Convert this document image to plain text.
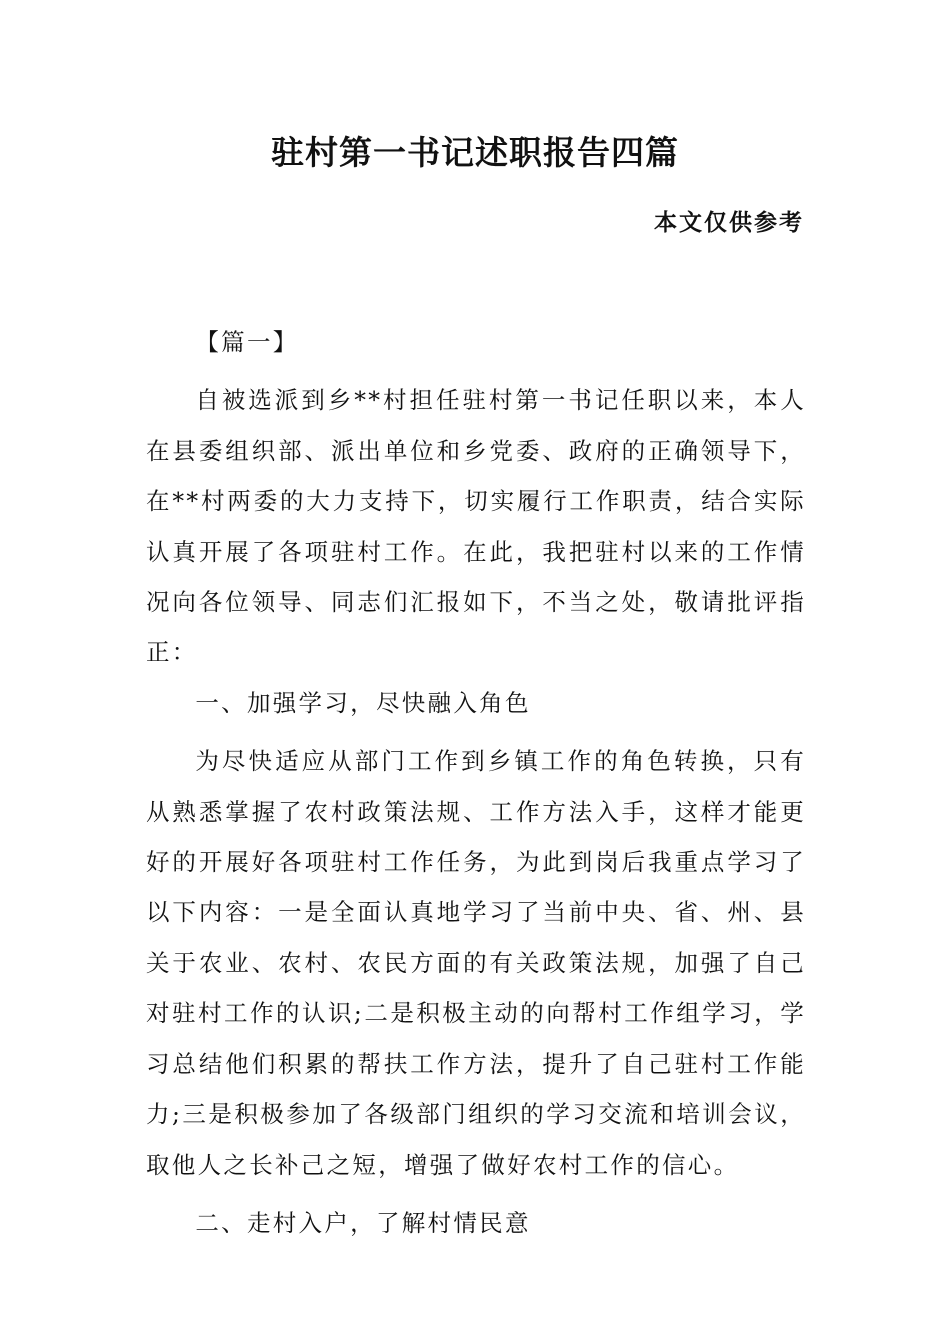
驻村第一书记述职报告四篇
本文仅供参考

【篇一】

自被选派到乡**村担任驻村第一书记任职以来，本人在县委组织部、派出单位和乡党委、政府的正确领导下，在**村两委的大力支持下，切实履行工作职责，结合实际认真开展了各项驻村工作。在此，我把驻村以来的工作情况向各位领导、同志们汇报如下，不当之处，敬请批评指正：

一、加强学习，尽快融入角色

为尽快适应从部门工作到乡镇工作的角色转换，只有从熟悉掌握了农村政策法规、工作方法入手，这样才能更好的开展好各项驻村工作任务，为此到岗后我重点学习了以下内容：一是全面认真地学习了当前中央、省、州、县关于农业、农村、农民方面的有关政策法规，加强了自己对驻村工作的认识;二是积极主动的向帮村工作组学习，学习总结他们积累的帮扶工作方法，提升了自己驻村工作能力;三是积极参加了各级部门组织的学习交流和培训会议，取他人之长补己之短，增强了做好农村工作的信心。

二、走村入户，了解村情民意
